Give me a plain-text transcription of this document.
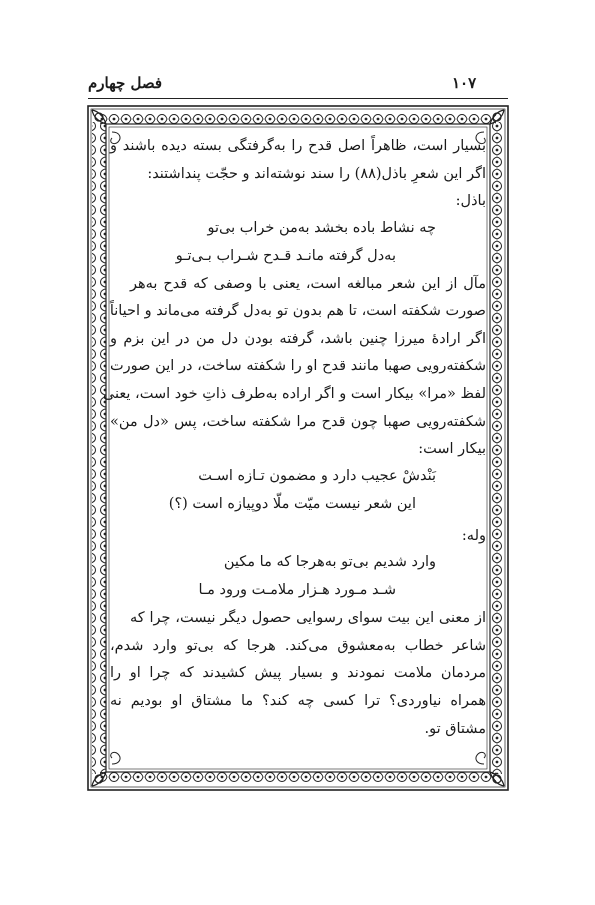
۱۰۷
فصل چهارم
بسیار است، ظاهراً اصل قدح را به‌گرفتگی بسته دیده باشند و
اگر این شعرِ باذل(۸۸) را سند نوشته‌اند و حجّت پنداشتند:
باذل:
چه نشاط باده بخشد به‌من خراب بی‌تو
به‌دل گرفته مانـد قـدح شـراب بـی‌تـو
مآل از این شعر مبالغه است، یعنی با وصفی که قدح به‌هر
صورت شکفته است، تا هم بدون تو به‌دل گرفته می‌ماند و احیاناً
اگر ارادهٔ میرزا چنین باشد، گرفته بودن دل من در این بزم و
شکفته‌رویی صهبا مانند قدح او را شکفته ساخت، در این صورت
لفظ «مرا» بیکار است و اگر اراده به‌طرف ذاتِ خود است، یعنی
شکفته‌رویی صهبا چون قدح مرا شکفته ساخت، پس «دل من»
بیکار است:
بَنْدشْ عجیب دارد و مضمون تـازه اسـت
این شعر نیست میّت ملّا دوپیازه است (؟)
وله:
وارد شدیم بی‌تو به‌هرجا که ما مکین
شـد مـورد هـزار ملامـت ورود مـا
از معنی این بیت سوای رسوایی حصول دیگر نیست، چرا که
شاعر خطاب به‌معشوق می‌کند. هرجا که بی‌تو وارد شدم،
مردمان ملامت نمودند و بسیار پیش کشیدند که چرا او را
همراه نیاوردی؟ ترا کسی چه کند؟ ما مشتاق او بودیم نه
مشتاق تو.
